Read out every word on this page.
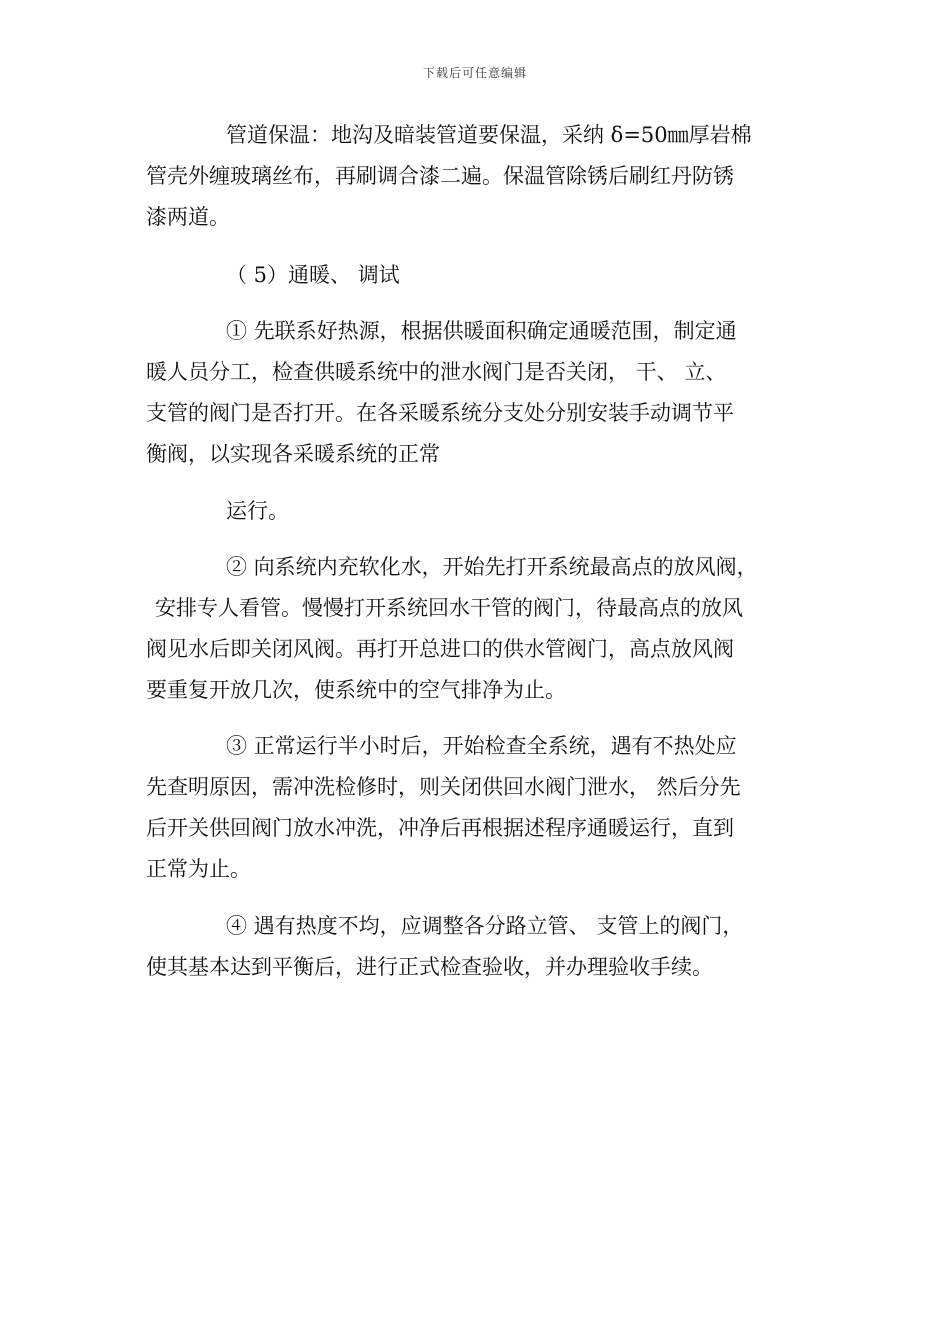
下载后可任意编辑
管道保温：地沟及暗装管道要保温，采纳 δ=50㎜厚岩棉
管壳外缠玻璃丝布，再刷调合漆二遍。保温管除锈后刷红丹防锈
漆两道。
（ 5）通暖、 调试
① 先联系好热源，根据供暖面积确定通暖范围，制定通
暖人员分工，检查供暖系统中的泄水阀门是否关闭， 干、 立、
支管的阀门是否打开。在各采暖系统分支处分别安装手动调节平
衡阀，以实现各采暖系统的正常
运行。
② 向系统内充软化水，开始先打开系统最高点的放风阀，
安排专人看管。慢慢打开系统回水干管的阀门，待最高点的放风
阀见水后即关闭风阀。再打开总进口的供水管阀门，高点放风阀
要重复开放几次，使系统中的空气排净为止。
③ 正常运行半小时后，开始检查全系统，遇有不热处应
先查明原因，需冲洗检修时，则关闭供回水阀门泄水， 然后分先
后开关供回阀门放水冲洗，冲净后再根据述程序通暖运行，直到
正常为止。
④ 遇有热度不均，应调整各分路立管、 支管上的阀门，
使其基本达到平衡后，进行正式检查验收，并办理验收手续。
